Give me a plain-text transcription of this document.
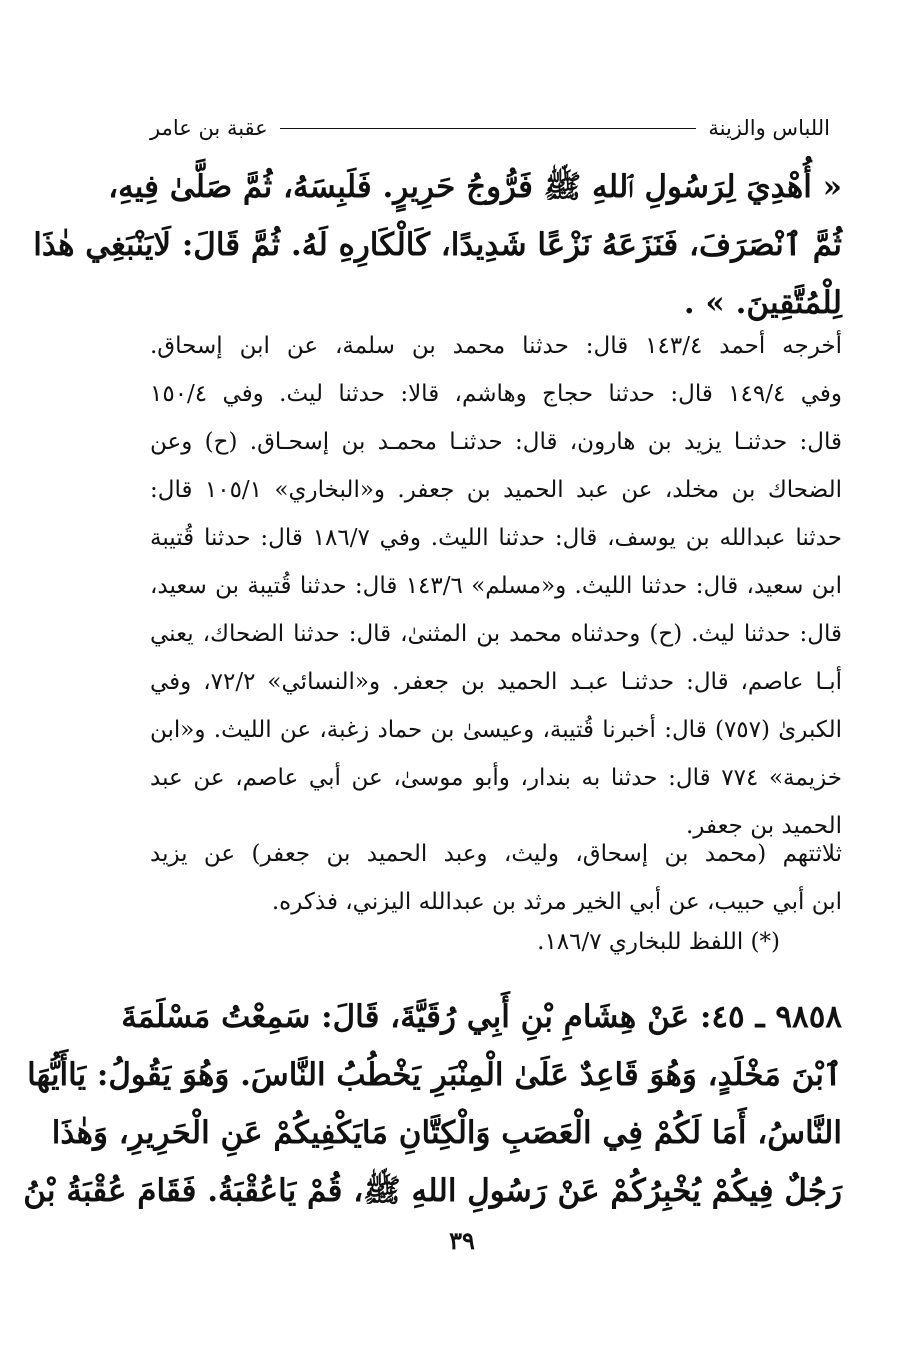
اللباس والزينة
عقبة بن عامر
« أُهْدِيَ لِرَسُولِ ٱللهِ ﷺ فَرُّوجُ حَرِيرٍ. فَلَبِسَهُ، ثُمَّ صَلَّىٰ فِيهِ،
ثُمَّ ٱنْصَرَفَ، فَنَزَعَهُ نَزْعًا شَدِيدًا، كَالْكَارِهِ لَهُ. ثُمَّ قَالَ: لَايَنْبَغِي هٰذَا
لِلْمُتَّقِينَ. » .
أخرجه أحمد ١٤٣/٤ قال: حدثنا محمد بن سلمة، عن ابن إسحاق.
وفي ١٤٩/٤ قال: حدثنا حجاج وهاشم، قالا: حدثنا ليث. وفي ١٥٠/٤
قال: حدثنـا يزيد بن هارون، قال: حدثنـا محمـد بن إسحـاق. (ح) وعن
الضحاك بن مخلد، عن عبد الحميد بن جعفر. و«البخاري» ١٠٥/١ قال:
حدثنا عبدالله بن يوسف، قال: حدثنا الليث. وفي ١٨٦/٧ قال: حدثنا قُتيبة
ابن سعيد، قال: حدثنا الليث. و«مسلم» ١٤٣/٦ قال: حدثنا قُتيبة بن سعيد،
قال: حدثنا ليث. (ح) وحدثناه محمد بن المثنىٰ، قال: حدثنا الضحاك، يعني
أبـا عاصم، قال: حدثنـا عبـد الحميد بن جعفر. و«النسائي» ٧٢/٢، وفي
الكبرىٰ (٧٥٧) قال: أخبرنا قُتيبة، وعيسىٰ بن حماد زغبة، عن الليث. و«ابن
خزيمة» ٧٧٤ قال: حدثنا به بندار، وأبو موسىٰ، عن أبي عاصم، عن عبد
الحميد بن جعفر.
ثلاثتهم (محمد بن إسحاق، وليث، وعبد الحميد بن جعفر) عن يزيد
ابن أبي حبيب، عن أبي الخير مرثد بن عبدالله اليزني، فذكره.
(*) اللفظ للبخاري ١٨٦/٧.
٩٨٥٨ ـ ٤٥: عَنْ هِشَامِ بْنِ أَبِي رُقَيَّةَ، قَالَ: سَمِعْتُ مَسْلَمَةَ
ٱبْنَ مَخْلَدٍ، وَهُوَ قَاعِدٌ عَلَىٰ الْمِنْبَرِ يَخْطُبُ النَّاسَ. وَهُوَ يَقُولُ: يَاأَيُّهَا
النَّاسُ، أَمَا لَكُمْ فِي الْعَصَبِ وَالْكِتَّانِ مَايَكْفِيكُمْ عَنِ الْحَرِيرِ، وَهٰذَا
رَجُلٌ فِيكُمْ يُخْبِرُكُمْ عَنْ رَسُولِ اللهِ ﷺ، قُمْ يَاعُقْبَةُ. فَقَامَ عُقْبَةُ بْنُ
٣٩
